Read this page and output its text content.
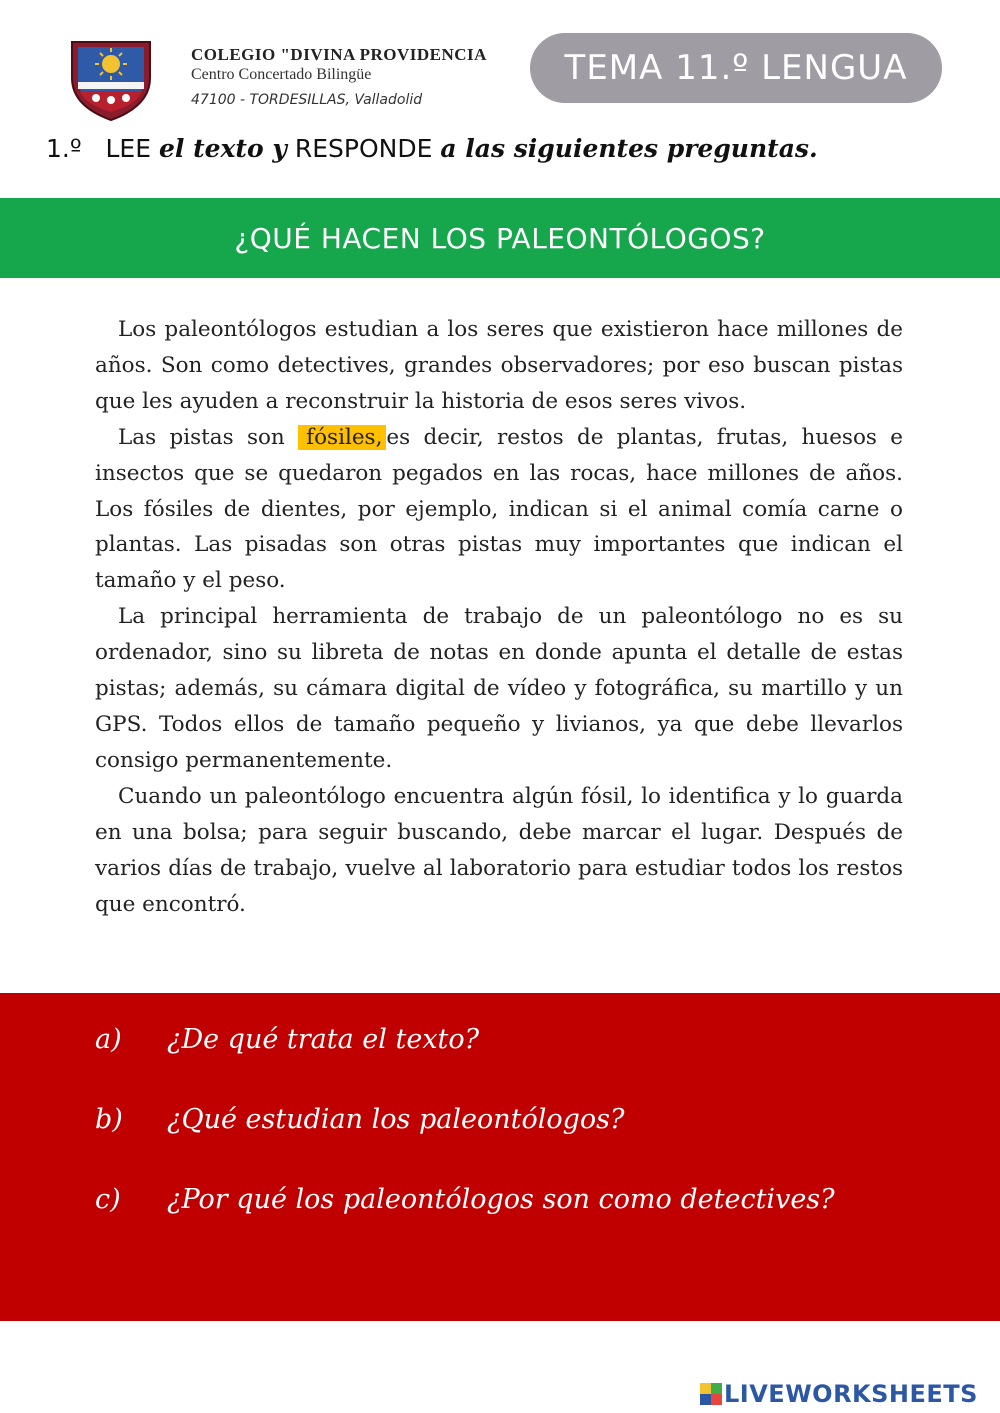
COLEGIO "DIVINA PROVIDENCIA
Centro Concertado Bilingüe
47100 - TORDESILLAS, Valladolid
TEMA 11.º LENGUA
1.º LEE el texto y RESPONDE a las siguientes preguntas.
¿QUÉ HACEN LOS PALEONTÓLOGOS?

Los paleontólogos estudian a los seres que existieron hace millones de años. Son como detectives, grandes observadores; por eso buscan pistas que les ayuden a reconstruir la historia de esos seres vivos.

Las pistas son fósiles, es decir, restos de plantas, frutas, huesos e insectos que se quedaron pegados en las rocas, hace millones de años. Los fósiles de dientes, por ejemplo, indican si el animal comía carne o plantas. Las pisadas son otras pistas muy importantes que indican el tamaño y el peso.

La principal herramienta de trabajo de un paleontólogo no es su ordenador, sino su libreta de notas en donde apunta el detalle de estas pistas; además, su cámara digital de vídeo y fotográfica, su martillo y un GPS. Todos ellos de tamaño pequeño y livianos, ya que debe llevarlos consigo permanentemente.

Cuando un paleontólogo encuentra algún fósil, lo identifica y lo guarda en una bolsa; para seguir buscando, debe marcar el lugar. Después de varios días de trabajo, vuelve al laboratorio para estudiar todos los restos que encontró.

a) ¿De qué trata el texto?
b) ¿Qué estudian los paleontólogos?
c) ¿Por qué los paleontólogos son como detectives?
LIVEWORKSHEETS
